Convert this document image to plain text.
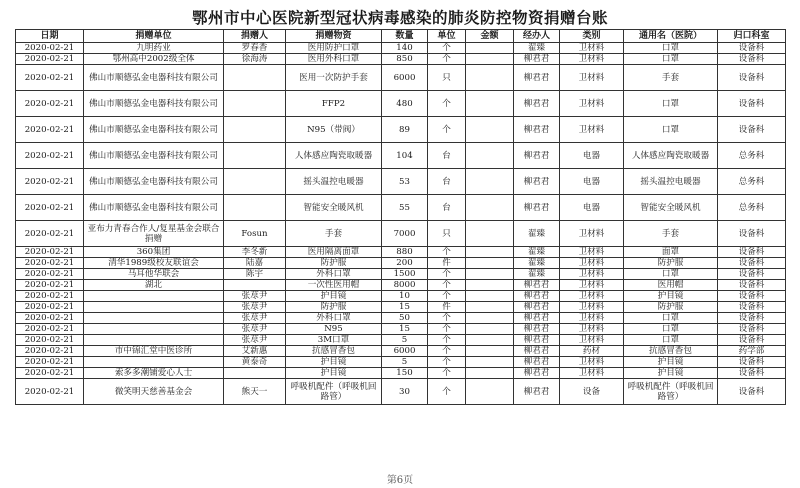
鄂州市中心医院新型冠状病毒感染的肺炎防控物资捐赠台账
日期	捐赠单位	捐赠人	捐赠物资	数量	单位	金额	经办人	类别	通用名（医院）	归口科室
2020-02-21	九明药业	罗春香	医用防护口罩	140	个		翟臻	卫材料	口罩	设备科
2020-02-21	鄂州高中2002级全体	徐海涛	医用外科口罩	850	个		柳君君	卫材料	口罩	设备科
2020-02-21	佛山市顺德弘金电器科技有限公司		医用一次防护手套	6000	只		柳君君	卫材料	手套	设备科
2020-02-21	佛山市顺德弘金电器科技有限公司		FFP2	480	个		柳君君	卫材料	口罩	设备科
2020-02-21	佛山市顺德弘金电器科技有限公司		N95（带阀）	89	个		柳君君	卫材料	口罩	设备科
2020-02-21	佛山市顺德弘金电器科技有限公司		人体感应陶瓷取暖器	104	台		柳君君	电器	人体感应陶瓷取暖器	总务科
2020-02-21	佛山市顺德弘金电器科技有限公司		摇头温控电暖器	53	台		柳君君	电器	摇头温控电暖器	总务科
2020-02-21	佛山市顺德弘金电器科技有限公司		智能安全暖风机	55	台		柳君君	电器	智能安全暖风机	总务科
2020-02-21	亚布力青春合作人/复星基金会联合捐赠	Fosun	手套	7000	只		翟臻	卫材料	手套	设备科
2020-02-21	360集团	李冬新	医用隔离面罩	880	个		翟臻	卫材料	面罩	设备科
2020-02-21	清华1989级校友联谊会	陆嘉	防护服	200	件		翟臻	卫材料	防护服	设备科
2020-02-21	马耳他华联会	陈宇	外科口罩	1500	个		翟臻	卫材料	口罩	设备科
2020-02-21	湖北		一次性医用帽	8000	个		柳君君	卫材料	医用帽	设备科
2020-02-21		张荩尹	护目镜	10	个		柳君君	卫材料	护目镜	设备科
2020-02-21		张荩尹	防护服	15	件		柳君君	卫材料	防护服	设备科
2020-02-21		张荩尹	外科口罩	50	个		柳君君	卫材料	口罩	设备科
2020-02-21		张荩尹	N95	15	个		柳君君	卫材料	口罩	设备科
2020-02-21		张荩尹	3M口罩	5	个		柳君君	卫材料	口罩	设备科
2020-02-21	市中锦汇堂中医诊所	艾新惠	抗感冒香包	6000	个		柳君君	药材	抗感冒香包	药学部
2020-02-21		黄泰奇	护目镜	5	个		柳君君	卫材料	护目镜	设备科
2020-02-21	索多多潮铺爱心人士		护目镜	150	个		柳君君	卫材料	护目镜	设备科
2020-02-21	微笑明天慈善基金会	熊天一	呼吸机配件（呼吸机回路管）	30	个		柳君君	设备	呼吸机配件（呼吸机回路管）	设备科
第6页
